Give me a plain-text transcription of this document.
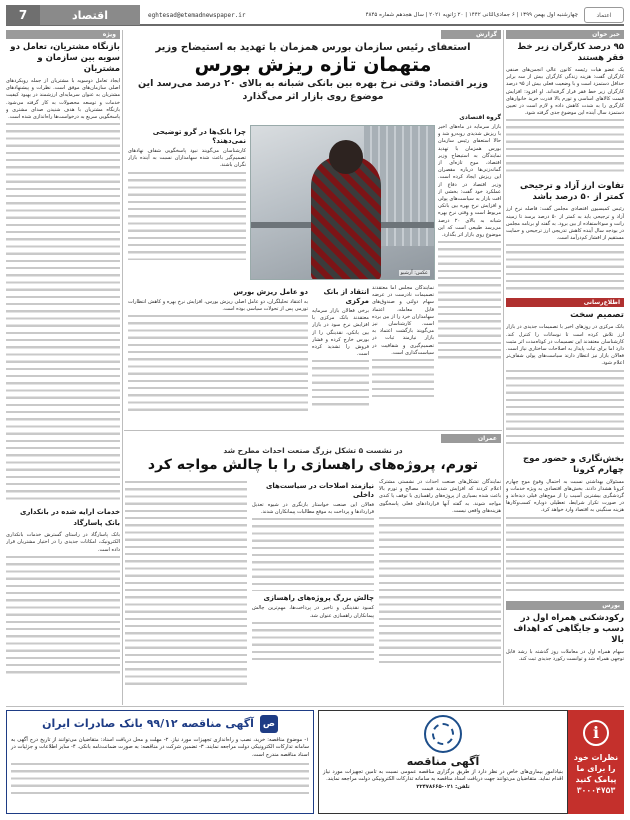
7	اقتصاد	eghtesad@etemadnewspaper.ir	چهارشنبه اول بهمن ۱۳۹۹ | ۶ جمادی‌الثانی ۱۴۴۲ | ۲۰ ژانویه ۲۰۲۱ | سال هجدهم شماره ۴۸۴۵	اعتماد
خبر خوان
۹۵ درصد کارگران زیر خط فقر هستند

یک عضو هیات رئیسه کانون عالی انجمن‌های صنفی کارگران گفت: هزینه زندگی کارگران بیش از سه برابر حداقل دستمزد است و با وضعیت فعلی بیش از ۹۵ درصد کارگران زیر خط فقر قرار گرفته‌اند. او افزود: افزایش قیمت کالاهای اساسی و تورم بالا قدرت خرید خانوارهای کارگری را به شدت کاهش داده و لازم است در تعیین دستمزد سال آینده این موضوع جدی گرفته شود.

تفاوت ارز آزاد و ترجیحی کمتر از ۵۰ درصد باشد

رئیس کمیسیون اقتصادی مجلس گفت: فاصله نرخ ارز آزاد و ترجیحی باید به کمتر از ۵۰ درصد برسد تا زمینه رانت و سوءاستفاده از بین برود. به گفته او برنامه مجلس در بودجه سال آینده کاهش تدریجی ارز ترجیحی و حمایت مستقیم از اقشار کم‌درآمد است.

اطلاع‌رسانی
تصمیم سخت

بانک مرکزی در روزهای اخیر با تصمیمات جدیدی در بازار ارز تلاش کرده است تا نوسانات را کنترل کند. کارشناسان معتقدند این تصمیمات در کوتاه‌مدت اثر مثبت دارد اما برای ثبات پایدار به اصلاحات ساختاری نیاز است. فعالان بازار نیز انتظار دارند سیاست‌های پولی شفاف‌تر اعلام شود.

بخش‌نگاری و حضور موج چهارم کرونا

مسئولان بهداشتی نسبت به احتمال وقوع موج چهارم کرونا هشدار دادند. بخش‌های اقتصادی به ویژه خدمات و گردشگری بیشترین آسیب را از موج‌های قبلی دیده‌اند و در صورت تکرار شرایط، تعطیلی دوباره کسب‌وکارها هزینه سنگینی به اقتصاد وارد خواهد کرد.

بورس
رکودشکنی همراه اول در دسب و جایگاهی که اهداف بالا

سهام همراه اول در معاملات روز گذشته با رشد قابل توجهی همراه شد و توانست رکورد جدیدی ثبت کند.

گزارش
استعفای رئیس سازمان بورس همزمان با تهدید به استیضاح وزیر
متهمان تازه ریزش بورس
وزیر اقتصاد: وقتی نرخ بهره بین بانکی شبانه به بالای ۲۰ درصد می‌رسد این موضوع روی بازار اثر می‌گذارد
گروه اقتصادی

بازار سرمایه در ماه‌های اخیر با ریزش شدیدی روبه‌رو شد و حالا استعفای رئیس سازمان بورس همزمان با تهدید نمایندگان به استیضاح وزیر اقتصاد، موج تازه‌ای از گمانه‌زنی‌ها درباره مقصران این ریزش ایجاد کرده است. وزیر اقتصاد در دفاع از عملکرد خود گفت: بخشی از افت بازار به سیاست‌های پولی و افزایش نرخ بهره بین بانکی مربوط است و وقتی نرخ بهره شبانه به بالای ۲۰ درصد می‌رسد طبیعی است که این موضوع روی بازار اثر بگذارد.

نمایندگان مجلس اما معتقدند تصمیمات نادرست در عرضه سهام دولتی و صندوق‌های قابل معامله، اعتماد سهامداران خرد را از بین برده است. کارشناسان نیز می‌گویند بازگشت اعتماد به بازار نیازمند ثبات در تصمیم‌گیری و شفافیت در سیاست‌گذاری است.

انتقاد از بانک مرکزی

برخی فعالان بازار سرمایه معتقدند بانک مرکزی با افزایش نرخ سود در بازار بین بانکی، نقدینگی را از بورس خارج کرده و فشار فروش را تشدید کرده است.

چرا بانک‌ها در گرو توضیحی نمی‌دهند؟

کارشناسان می‌گویند نبود پاسخگویی شفاف نهادهای تصمیم‌گیر باعث شده سهامداران نسبت به آینده بازار نگران باشند.

دو عامل ریزش بورس

به اعتقاد تحلیلگران، دو عامل اصلی ریزش بورس، افزایش نرخ بهره و کاهش انتظارات تورمی پس از تحولات سیاسی بوده است.

عکس: آرشیو
عمران
در نشست ۵ تشکل بزرگ صنعت احداث مطرح شد
تورم، پروژه‌های راهسازی را با چالش مواجه کرد

نمایندگان تشکل‌های صنعت احداث در نشستی مشترک اعلام کردند که افزایش شدید قیمت مصالح و تورم بالا باعث شده بسیاری از پروژه‌های راهسازی با توقف یا کندی مواجه شوند. به گفته آنها قراردادهای فعلی پاسخگوی هزینه‌های واقعی نیست.

نیازمند اصلاحات در سیاست‌های داخلی

فعالان این صنعت خواستار بازنگری در شیوه تعدیل قراردادها و پرداخت به موقع مطالبات پیمانکاران شدند.

چالش بزرگ پروژه‌های راهسازی

کمبود نقدینگی و تاخیر در پرداخت‌ها، مهم‌ترین چالش پیمانکاران راهسازی عنوان شد.

ویژه
بازنگاه مشتریان، تعامل دو سویه بین سازمان و مشتریان

ایجاد تعامل دوسویه با مشتریان از جمله رویکردهای اصلی سازمان‌های موفق است. نظرات و پیشنهادهای مشتریان به عنوان سرمایه‌ای ارزشمند در بهبود کیفیت خدمات و توسعه محصولات به کار گرفته می‌شود. بازنگاه مشتریان با هدف شنیدن صدای مشتری و پاسخگویی سریع به درخواست‌ها راه‌اندازی شده است.

خدمات ارایه شده در بانکداری بانک پاسارگاد

بانک پاسارگاد در راستای گسترش خدمات بانکداری الکترونیک، امکانات جدیدی را در اختیار مشتریان قرار داده است.

i
نظرات خود
را برای ما
پیامک کنید
۳۰۰۰۴۷۵۳
آگهی مناقصه

بنیادامور بیماری‌های خاص در نظر دارد از طریق برگزاری مناقصه عمومی نسبت به تامین تجهیزات مورد نیاز اقدام نماید. متقاضیان می‌توانند جهت دریافت اسناد مناقصه به سامانه تدارکات الکترونیکی دولت مراجعه نمایند.

تلفن: ۰۲۱-۲۲۴۷۸۶۶۵

ص
آگهی مناقصه ۹۹/۱۲ بانک صادرات ایران

۱- موضوع مناقصه: خرید، نصب و راه‌اندازی تجهیزات مورد نیاز. ۲- مهلت و محل دریافت اسناد: متقاضیان می‌توانند از تاریخ درج آگهی به سامانه تدارکات الکترونیکی دولت مراجعه نمایند. ۳- تضمین شرکت در مناقصه: به صورت ضمانت‌نامه بانکی. ۴- سایر اطلاعات و جزئیات در اسناد مناقصه مندرج است.
